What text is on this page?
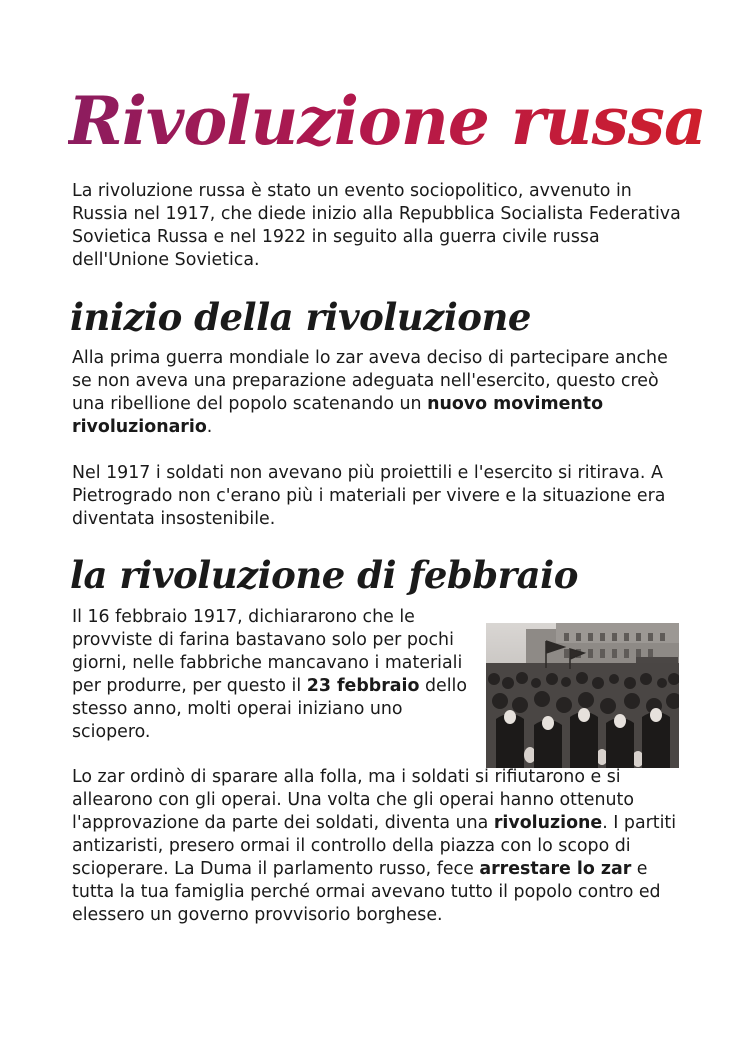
Rivoluzione russa

La rivoluzione russa è stato un evento sociopolitico, avvenuto in Russia nel 1917, che diede inizio alla Repubblica Socialista Federativa Sovietica Russa e nel 1922 in seguito alla guerra civile russa dell'Unione Sovietica.

inizio della rivoluzione

Alla prima guerra mondiale lo zar aveva deciso di partecipare anche se non aveva una preparazione adeguata nell'esercito, questo creò una ribellione del popolo scatenando un nuovo movimento rivoluzionario.

Nel 1917 i soldati non avevano più proiettili e l'esercito si ritirava. A Pietrogrado non c'erano più i materiali per vivere e la situazione era diventata insostenibile.

la rivoluzione di febbraio

Il 16 febbraio 1917, dichiararono che le provviste di farina bastavano solo per pochi giorni, nelle fabbriche mancavano i materiali per produrre, per questo il 23 febbraio dello stesso anno, molti operai iniziano uno sciopero.

Lo zar ordinò di sparare alla folla, ma i soldati si rifiutarono e si allearono con gli operai. Una volta che gli operai hanno ottenuto l'approvazione da parte dei soldati, diventa una rivoluzione. I partiti antizaristi, presero ormai il controllo della piazza con lo scopo di scioperare. La Duma il parlamento russo, fece arrestare lo zar e tutta la tua famiglia perché ormai avevano tutto il popolo contro ed elessero un governo provvisorio borghese.
